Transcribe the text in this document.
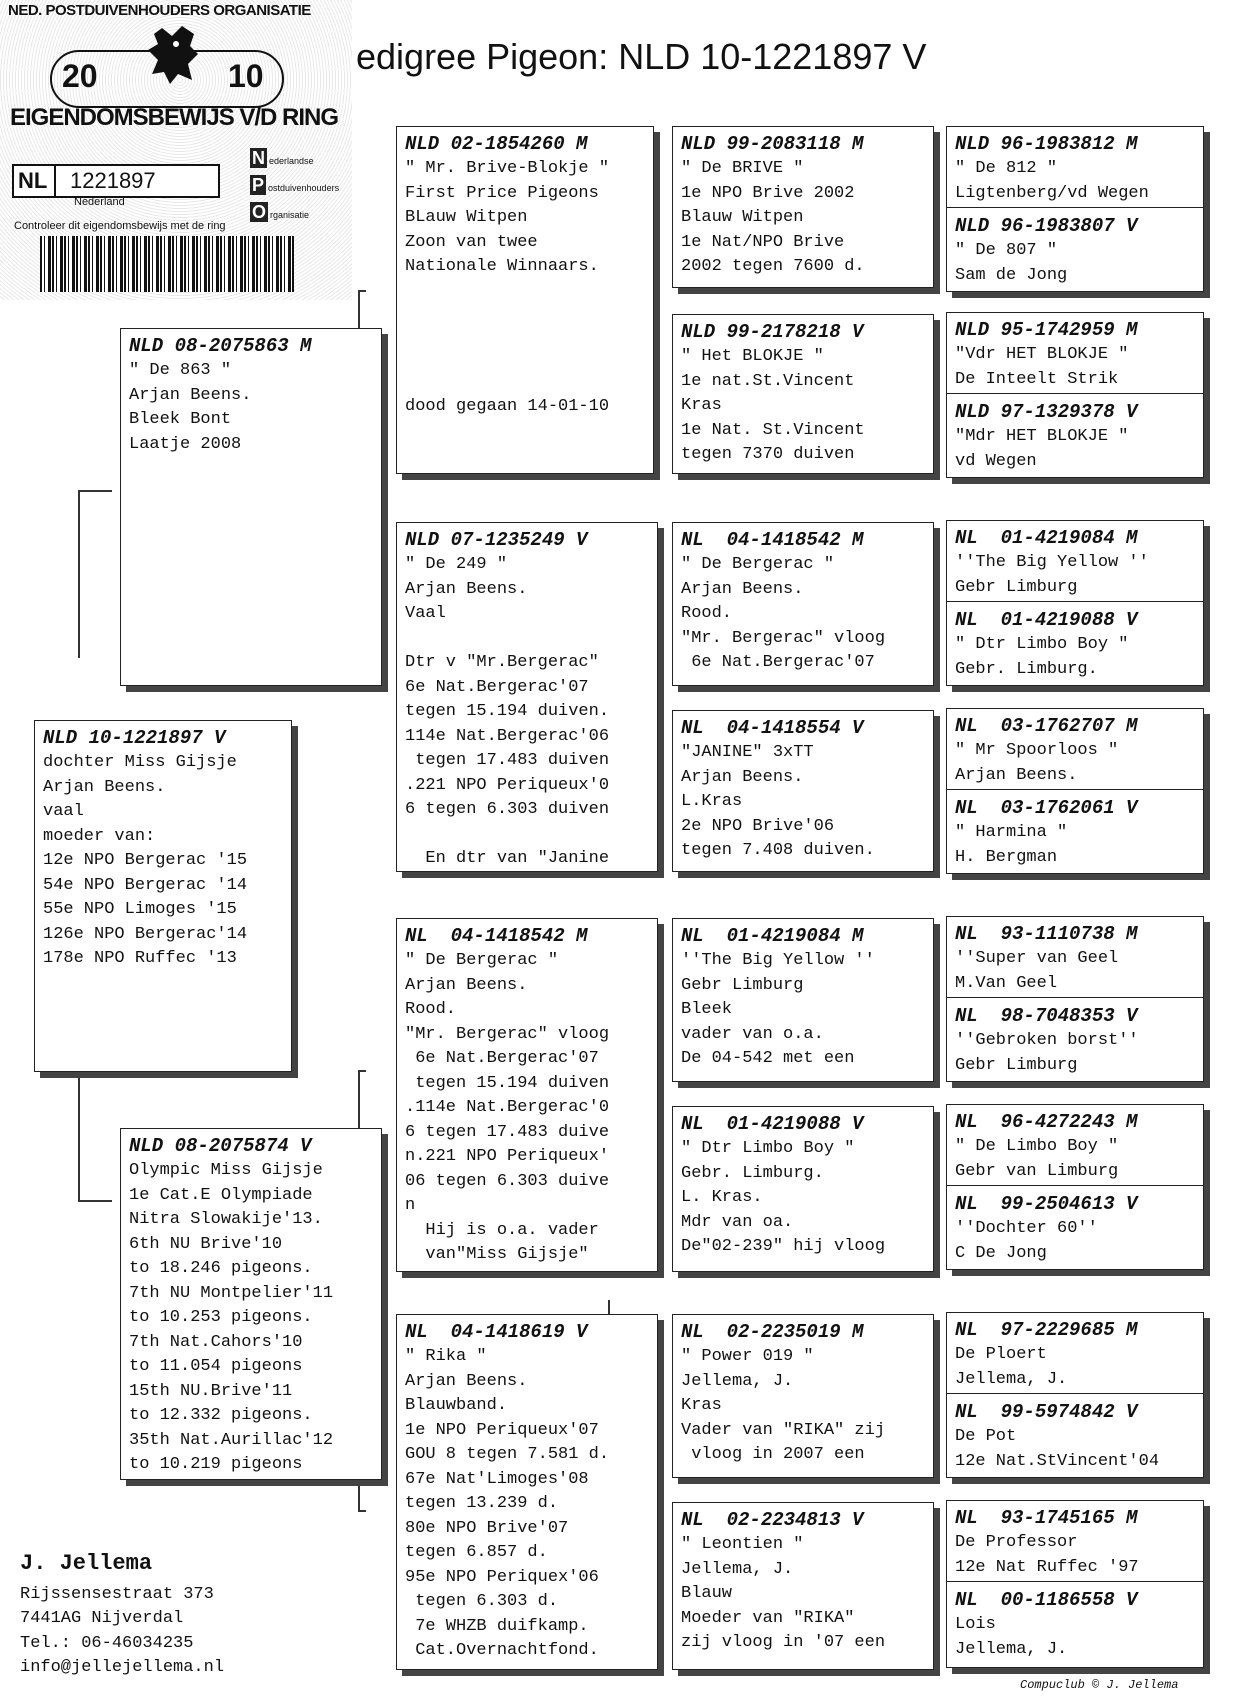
NED. POSTDUIVENHOUDERS ORGANISATIE
20	10
EIGENDOMSBEWIJS V/D RING
NL 1221897
Nederland
N ederlandse
P ostduivenhouders
O rganisatie
Controleer dit eigendomsbewijs met de ring
edigree Pigeon: NLD 10-1221897 V
NLD 10-1221897 V
dochter Miss Gijsje
Arjan Beens.
vaal
moeder van:
12e NPO Bergerac '15
54e NPO Bergerac '14
55e NPO Limoges '15
126e NPO Bergerac'14
178e NPO Ruffec '13
NLD 08-2075863 M
" De 863 "
Arjan Beens.
Bleek Bont
Laatje 2008
NLD 08-2075874 V
Olympic Miss Gijsje
1e Cat.E Olympiade
Nitra Slowakije'13.
6th NU Brive'10
to 18.246 pigeons.
7th NU Montpelier'11
to 10.253 pigeons.
7th Nat.Cahors'10
to 11.054 pigeons
15th NU.Brive'11
to 12.332 pigeons.
35th Nat.Aurillac'12
to 10.219 pigeons
NLD 02-1854260 M
" Mr. Brive-Blokje "
First Price Pigeons
BLauw Witpen
Zoon van twee
Nationale Winnaars.
dood gegaan 14-01-10
NLD 07-1235249 V
" De 249 "
Arjan Beens.
Vaal

Dtr v "Mr.Bergerac"
6e Nat.Bergerac'07
tegen 15.194 duiven.
114e Nat.Bergerac'06
tegen 17.483 duiven
.221 NPO Periqueux'0
6 tegen 6.303 duiven

En dtr van "Janine
NL  04-1418542 M
" De Bergerac "
Arjan Beens.
Rood.
"Mr. Bergerac" vloog
6e Nat.Bergerac'07
tegen 15.194 duiven
.114e Nat.Bergerac'0
6 tegen 17.483 duive
n.221 NPO Periqueux'
06 tegen 6.303 duive
n
Hij is o.a. vader
van"Miss Gijsje"
NL  04-1418619 V
" Rika "
Arjan Beens.
Blauwband.
1e NPO Periqueux'07
GOU 8 tegen 7.581 d.
67e Nat'Limoges'08
tegen 13.239 d.
80e NPO Brive'07
tegen 6.857 d.
95e NPO Periquex'06
tegen 6.303 d.
7e WHZB duifkamp.
Cat.Overnachtfond.
NLD 99-2083118 M
" De BRIVE "
1e NPO Brive 2002
Blauw Witpen
1e Nat/NPO Brive
2002 tegen 7600 d.
NLD 99-2178218 V
" Het BLOKJE "
1e nat.St.Vincent
Kras
1e Nat. St.Vincent
tegen 7370 duiven
NL  04-1418542 M
" De Bergerac "
Arjan Beens.
Rood.
"Mr. Bergerac" vloog
6e Nat.Bergerac'07
NL  04-1418554 V
"JANINE" 3xTT
Arjan Beens.
L.Kras
2e NPO Brive'06
tegen 7.408 duiven.
NL  01-4219084 M
''The Big Yellow ''
Gebr Limburg
Bleek
vader van o.a.
De 04-542 met een
NL  01-4219088 V
" Dtr Limbo Boy "
Gebr. Limburg.
L. Kras.
Mdr van oa.
De"02-239" hij vloog
NL  02-2235019 M
" Power 019 "
Jellema, J.
Kras
Vader van "RIKA" zij
vloog in 2007 een
NL  02-2234813 V
" Leontien "
Jellema, J.
Blauw
Moeder van "RIKA"
zij vloog in '07 een
NLD 96-1983812 M
" De 812 "
Ligtenberg/vd Wegen
NLD 96-1983807 V
" De 807 "
Sam de Jong
NLD 95-1742959 M
"Vdr HET BLOKJE "
De Inteelt Strik
NLD 97-1329378 V
"Mdr HET BLOKJE "
vd Wegen
NL  01-4219084 M
''The Big Yellow ''
Gebr Limburg
NL  01-4219088 V
" Dtr Limbo Boy "
Gebr. Limburg.
NL  03-1762707 M
" Mr Spoorloos "
Arjan Beens.
NL  03-1762061 V
" Harmina "
H. Bergman
NL  93-1110738 M
''Super van Geel
M.Van Geel
NL  98-7048353 V
''Gebroken borst''
Gebr Limburg
NL  96-4272243 M
" De Limbo Boy "
Gebr van Limburg
NL  99-2504613 V
''Dochter 60''
C De Jong
NL  97-2229685 M
De Ploert
Jellema, J.
NL  99-5974842 V
De Pot
12e Nat.StVincent'04
NL  93-1745165 M
De Professor
12e Nat Ruffec '97
NL  00-1186558 V
Lois
Jellema, J.
J. Jellema
Rijssensestraat 373
7441AG Nijverdal
Tel.: 06-46034235
info@jellejellema.nl
Compuclub © J. Jellema
